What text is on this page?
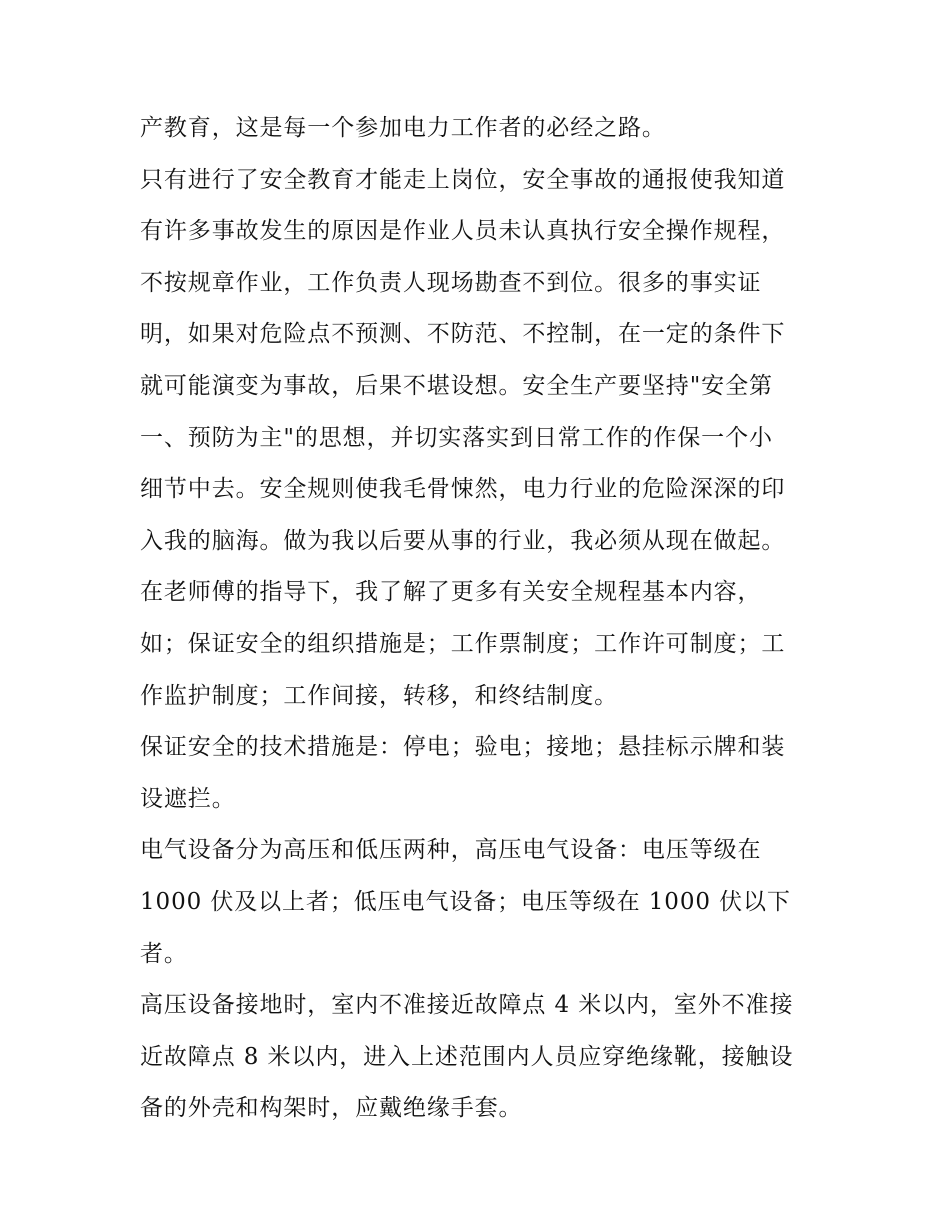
产教育，这是每一个参加电力工作者的必经之路。
只有进行了安全教育才能走上岗位，安全事故的通报使我知道
有许多事故发生的原因是作业人员未认真执行安全操作规程，
不按规章作业，工作负责人现场勘查不到位。很多的事实证
明，如果对危险点不预测、不防范、不控制，在一定的条件下
就可能演变为事故，后果不堪设想。安全生产要坚持"安全第
一、预防为主"的思想，并切实落实到日常工作的作保一个小
细节中去。安全规则使我毛骨悚然，电力行业的危险深深的印
入我的脑海。做为我以后要从事的行业，我必须从现在做起。
在老师傅的指导下，我了解了更多有关安全规程基本内容，
如；保证安全的组织措施是；工作票制度；工作许可制度；工
作监护制度；工作间接，转移，和终结制度。
保证安全的技术措施是：停电；验电；接地；悬挂标示牌和装
设遮拦。
电气设备分为高压和低压两种，高压电气设备：电压等级在
1000 伏及以上者；低压电气设备；电压等级在 1000 伏以下
者。
高压设备接地时，室内不准接近故障点 4 米以内，室外不准接
近故障点 8 米以内，进入上述范围内人员应穿绝缘靴，接触设
备的外壳和构架时，应戴绝缘手套。
